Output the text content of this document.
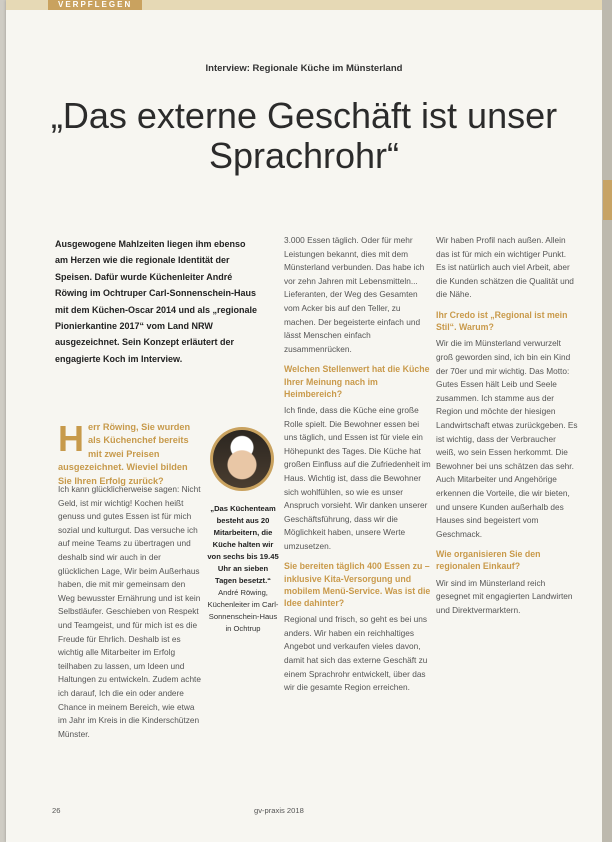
VERPFLEGEN
Interview: Regionale Küche im Münsterland
„Das externe Geschäft ist unser Sprachrohr“
Ausgewogene Mahlzeiten liegen ihm ebenso am Herzen wie die regionale Identität der Speisen. Dafür wurde Küchenleiter André Röwing im Ochtruper Carl-Sonnenschein-Haus mit dem Küchen-Oscar 2014 und als „regionale Pionierkantine 2017“ vom Land NRW ausgezeichnet. Sein Konzept erläutert der engagierte Koch im Interview.
Herr Röwing, Sie wurden als Küchenchef bereits mit zwei Preisen ausgezeichnet. Wieviel bilden Sie Ihren Erfolg zurück?

Ich kann glücklicherweise sagen: Nicht Geld, ist mir wichtig! Kochen heißt genuss und gutes Essen ist für mich sozial und kulturgut. Das versuche ich auf meine Teams zu übertragen und deshalb sind wir auch in der glücklichen Lage, Wir beim Außerhaus haben, die mit mir gemeinsam den Weg bewusster Ernährung und ist kein Selbstläufer. Geschieben von Respekt und Teamgeist, und für mich ist es die Freude für Ehrlich. Deshalb ist es wichtig alle Mitarbeiter im Erfolg teilhaben zu lassen, um Ideen und Haltungen zu entwickeln. Zudem achte ich darauf, Ich die ein oder andere Chance in meinem Bereich, wie etwa im Jahr im Kreis in die Kinderschützen Münster.

„Das Küchenteam besteht aus 20 Mitarbeitern, die Küche halten wir von sechs bis 19.45 Uhr an sieben Tagen besetzt.“
André Röwing, Küchenleiter im Carl-Sonnenschein-Haus in Ochtrup

3.000 Essen täglich. Oder für mehr Leistungen bekannt, dies mit dem Münsterland verbunden. Das habe ich vor zehn Jahren mit Lebensmitteln... Lieferanten, der Weg des Gesamten vom Acker bis auf den Teller, zu machen. Der begeisterte einfach und lässt Menschen einfach zusammenrücken.

Welchen Stellenwert hat die Küche Ihrer Meinung nach im Heimbereich?

Ich finde, dass die Küche eine große Rolle spielt. Die Bewohner essen bei uns täglich, und Essen ist für viele ein Höhepunkt des Tages. Die Küche hat großen Einfluss auf die Zufriedenheit im Haus. Wichtig ist, dass die Bewohner sich wohlfühlen, so wie es unser Anspruch vorsieht. Wir danken unserer Geschäftsführung, dass wir die Möglichkeit haben, unsere Werte umzusetzen.

Sie bereiten täglich 400 Essen zu – inklusive Kita-Versorgung und mobilem Menü-Service. Was ist die Idee dahinter?

Regional und frisch, so geht es bei uns anders. Wir haben ein reichhaltiges Angebot und verkaufen vieles davon, damit hat sich das externe Geschäft zu einem Sprachrohr entwickelt, über das wir die gesamte Region erreichen.

Wir haben Profil nach außen. Allein das ist für mich ein wichtiger Punkt. Es ist natürlich auch viel Arbeit, aber die Kunden schätzen die Qualität und die Nähe.

Ihr Credo ist „Regional ist mein Stil“. Warum?

Wir die im Münsterland verwurzelt groß geworden sind, ich bin ein Kind der 70er und mir wichtig. Das Motto: Gutes Essen hält Leib und Seele zusammen. Ich stamme aus der Region und möchte der hiesigen Landwirtschaft etwas zurückgeben. Es ist wichtig, dass der Verbraucher weiß, wo sein Essen herkommt. Die Bewohner bei uns schätzen das sehr. Auch Mitarbeiter und Angehörige erkennen die Vorteile, die wir bieten, und unsere Kunden außerhalb des Hauses sind begeistert vom Geschmack.

Wie organisieren Sie den regionalen Einkauf?

Wir sind im Münsterland reich gesegnet mit engagierten Landwirten und Direktvermarktern.

26	gv-praxis 2018
